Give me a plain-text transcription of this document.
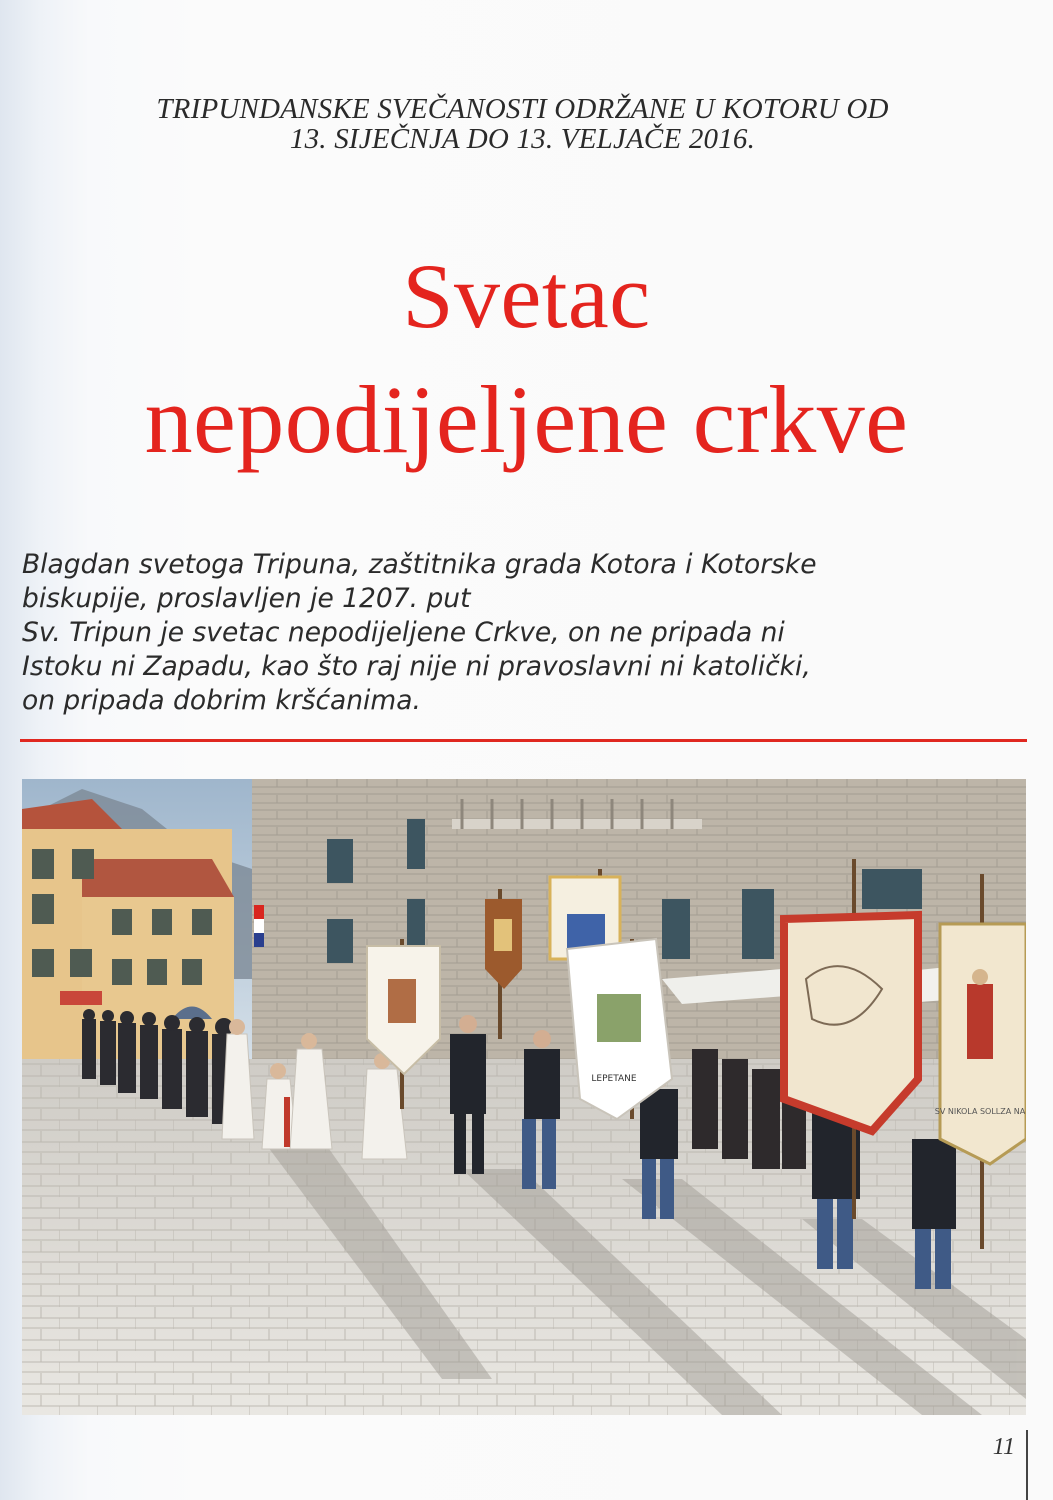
TRIPUNDANSKE SVEČANOSTI ODRŽANE U KOTORU OD
13. SIJEČNJA DO 13. VELJAČE 2016.
Svetac
nepodijeljene crkve
Blagdan svetoga Tripuna, zaštitnika grada Kotora i Kotorske
biskupije, proslavljen je 1207. put
Sv. Tripun je svetac nepodijeljene Crkve, on ne pripada ni
Istoku ni Zapadu, kao što raj nije ni pravoslavni ni katolički,
on pripada dobrim kršćanima.
LEPETANE
SV NIKOLA SOLLZA NA
11
